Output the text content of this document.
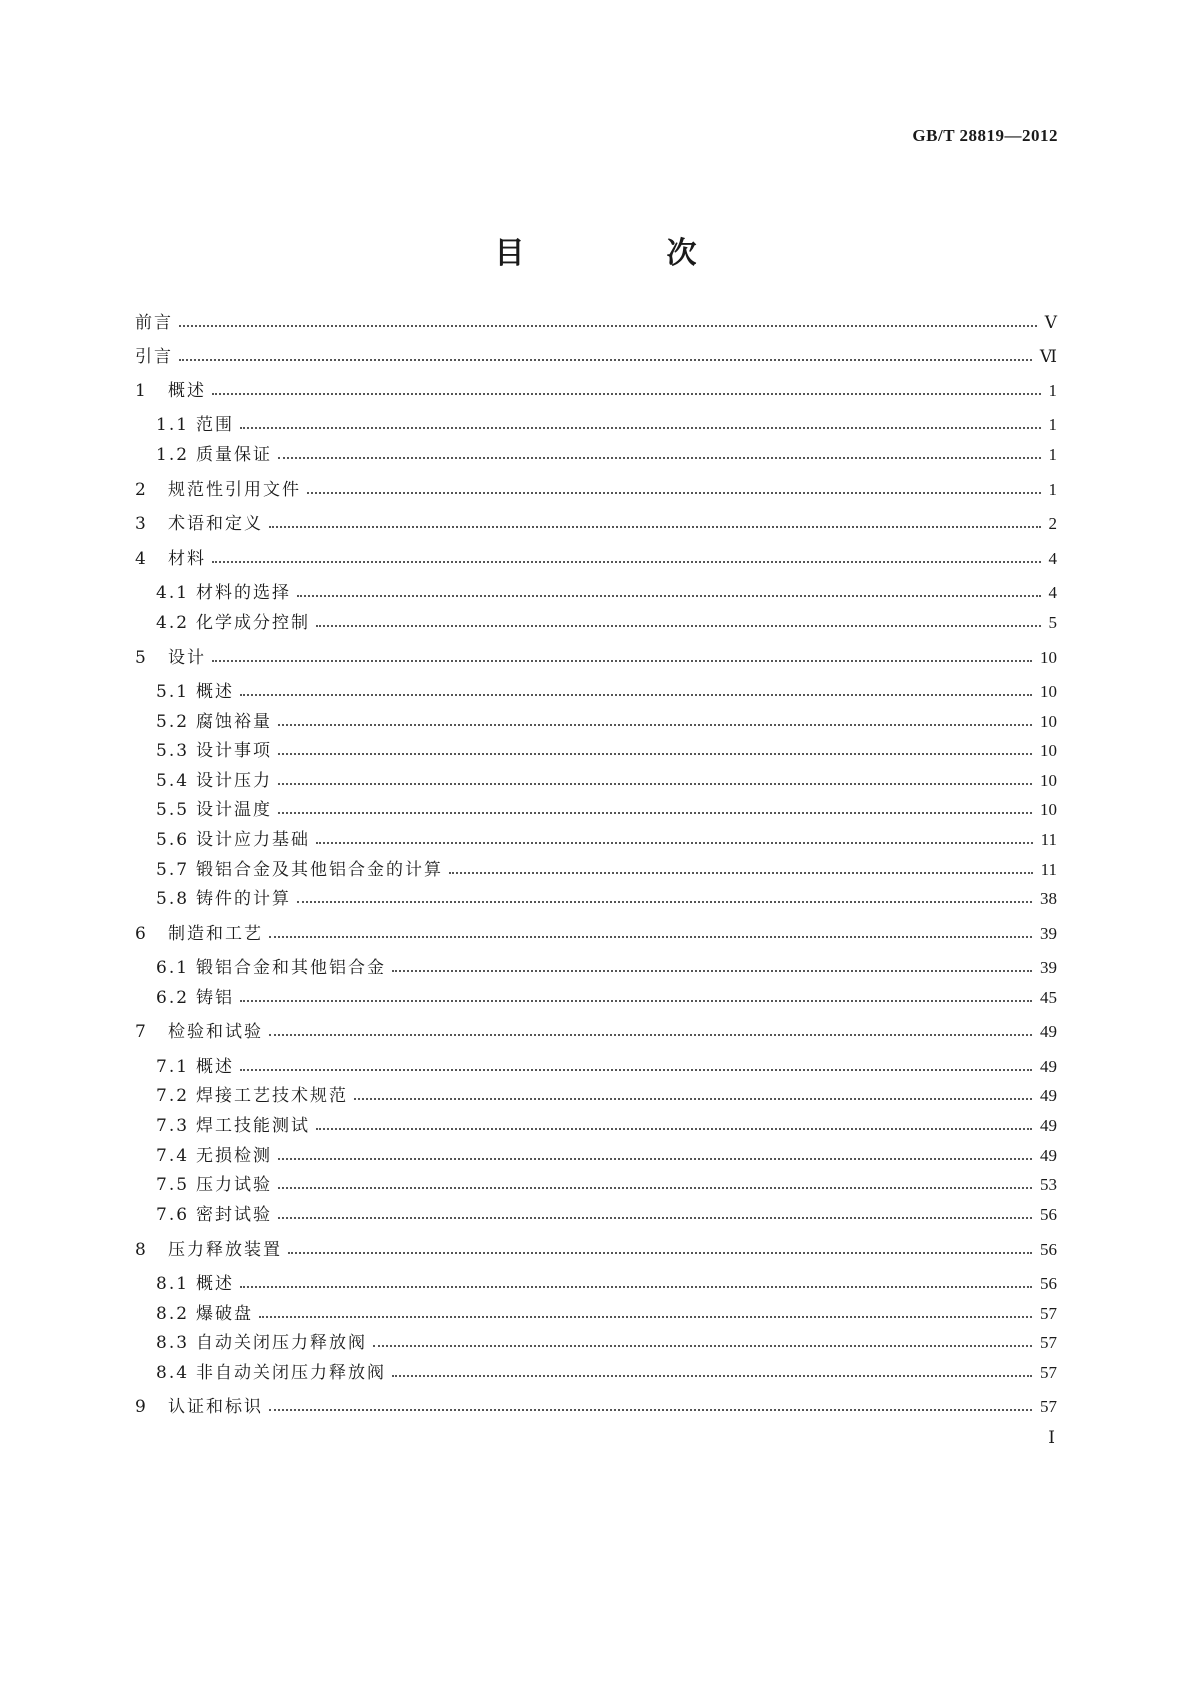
GB/T 28819—2012
目　次
前言	Ⅴ
引言	Ⅵ
1	概述	1
1.1 范围	1
1.2 质量保证	1
2	规范性引用文件	1
3	术语和定义	2
4	材料	4
4.1 材料的选择	4
4.2 化学成分控制	5
5	设计	10
5.1 概述	10
5.2 腐蚀裕量	10
5.3 设计事项	10
5.4 设计压力	10
5.5 设计温度	10
5.6 设计应力基础	11
5.7 锻铝合金及其他铝合金的计算	11
5.8 铸件的计算	38
6	制造和工艺	39
6.1 锻铝合金和其他铝合金	39
6.2 铸铝	45
7	检验和试验	49
7.1 概述	49
7.2 焊接工艺技术规范	49
7.3 焊工技能测试	49
7.4 无损检测	49
7.5 压力试验	53
7.6 密封试验	56
8	压力释放装置	56
8.1 概述	56
8.2 爆破盘	57
8.3 自动关闭压力释放阀	57
8.4 非自动关闭压力释放阀	57
9	认证和标识	57
Ⅰ
